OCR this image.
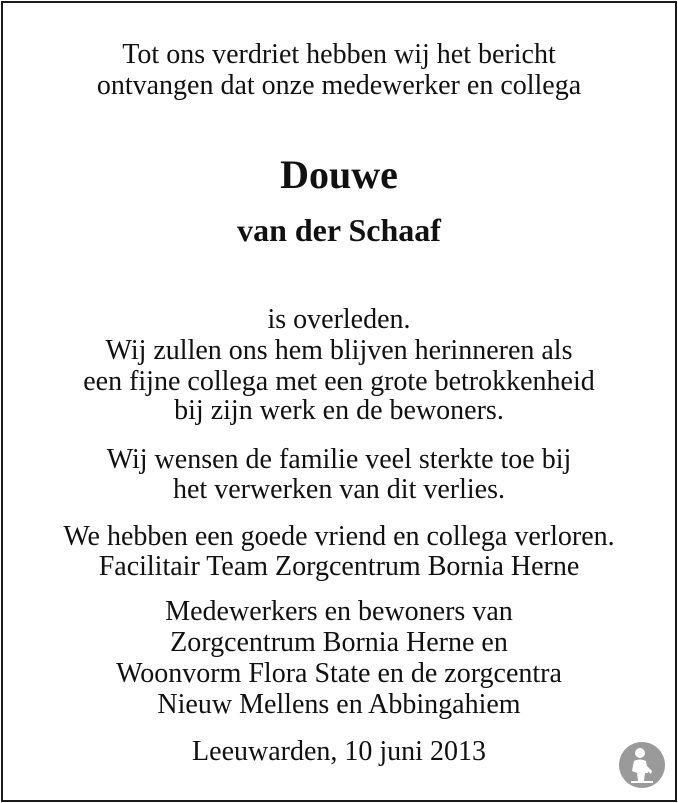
Tot ons verdriet hebben wij het bericht
ontvangen dat onze medewerker en collega
Douwe
van der Schaaf
is overleden.
Wij zullen ons hem blijven herinneren als
een fijne collega met een grote betrokkenheid
bij zijn werk en de bewoners.
Wij wensen de familie veel sterkte toe bij
het verwerken van dit verlies.
We hebben een goede vriend en collega verloren.
Facilitair Team Zorgcentrum Bornia Herne
Medewerkers en bewoners van
Zorgcentrum Bornia Herne en
Woonvorm Flora State en de zorgcentra
Nieuw Mellens en Abbingahiem
Leeuwarden, 10 juni 2013
